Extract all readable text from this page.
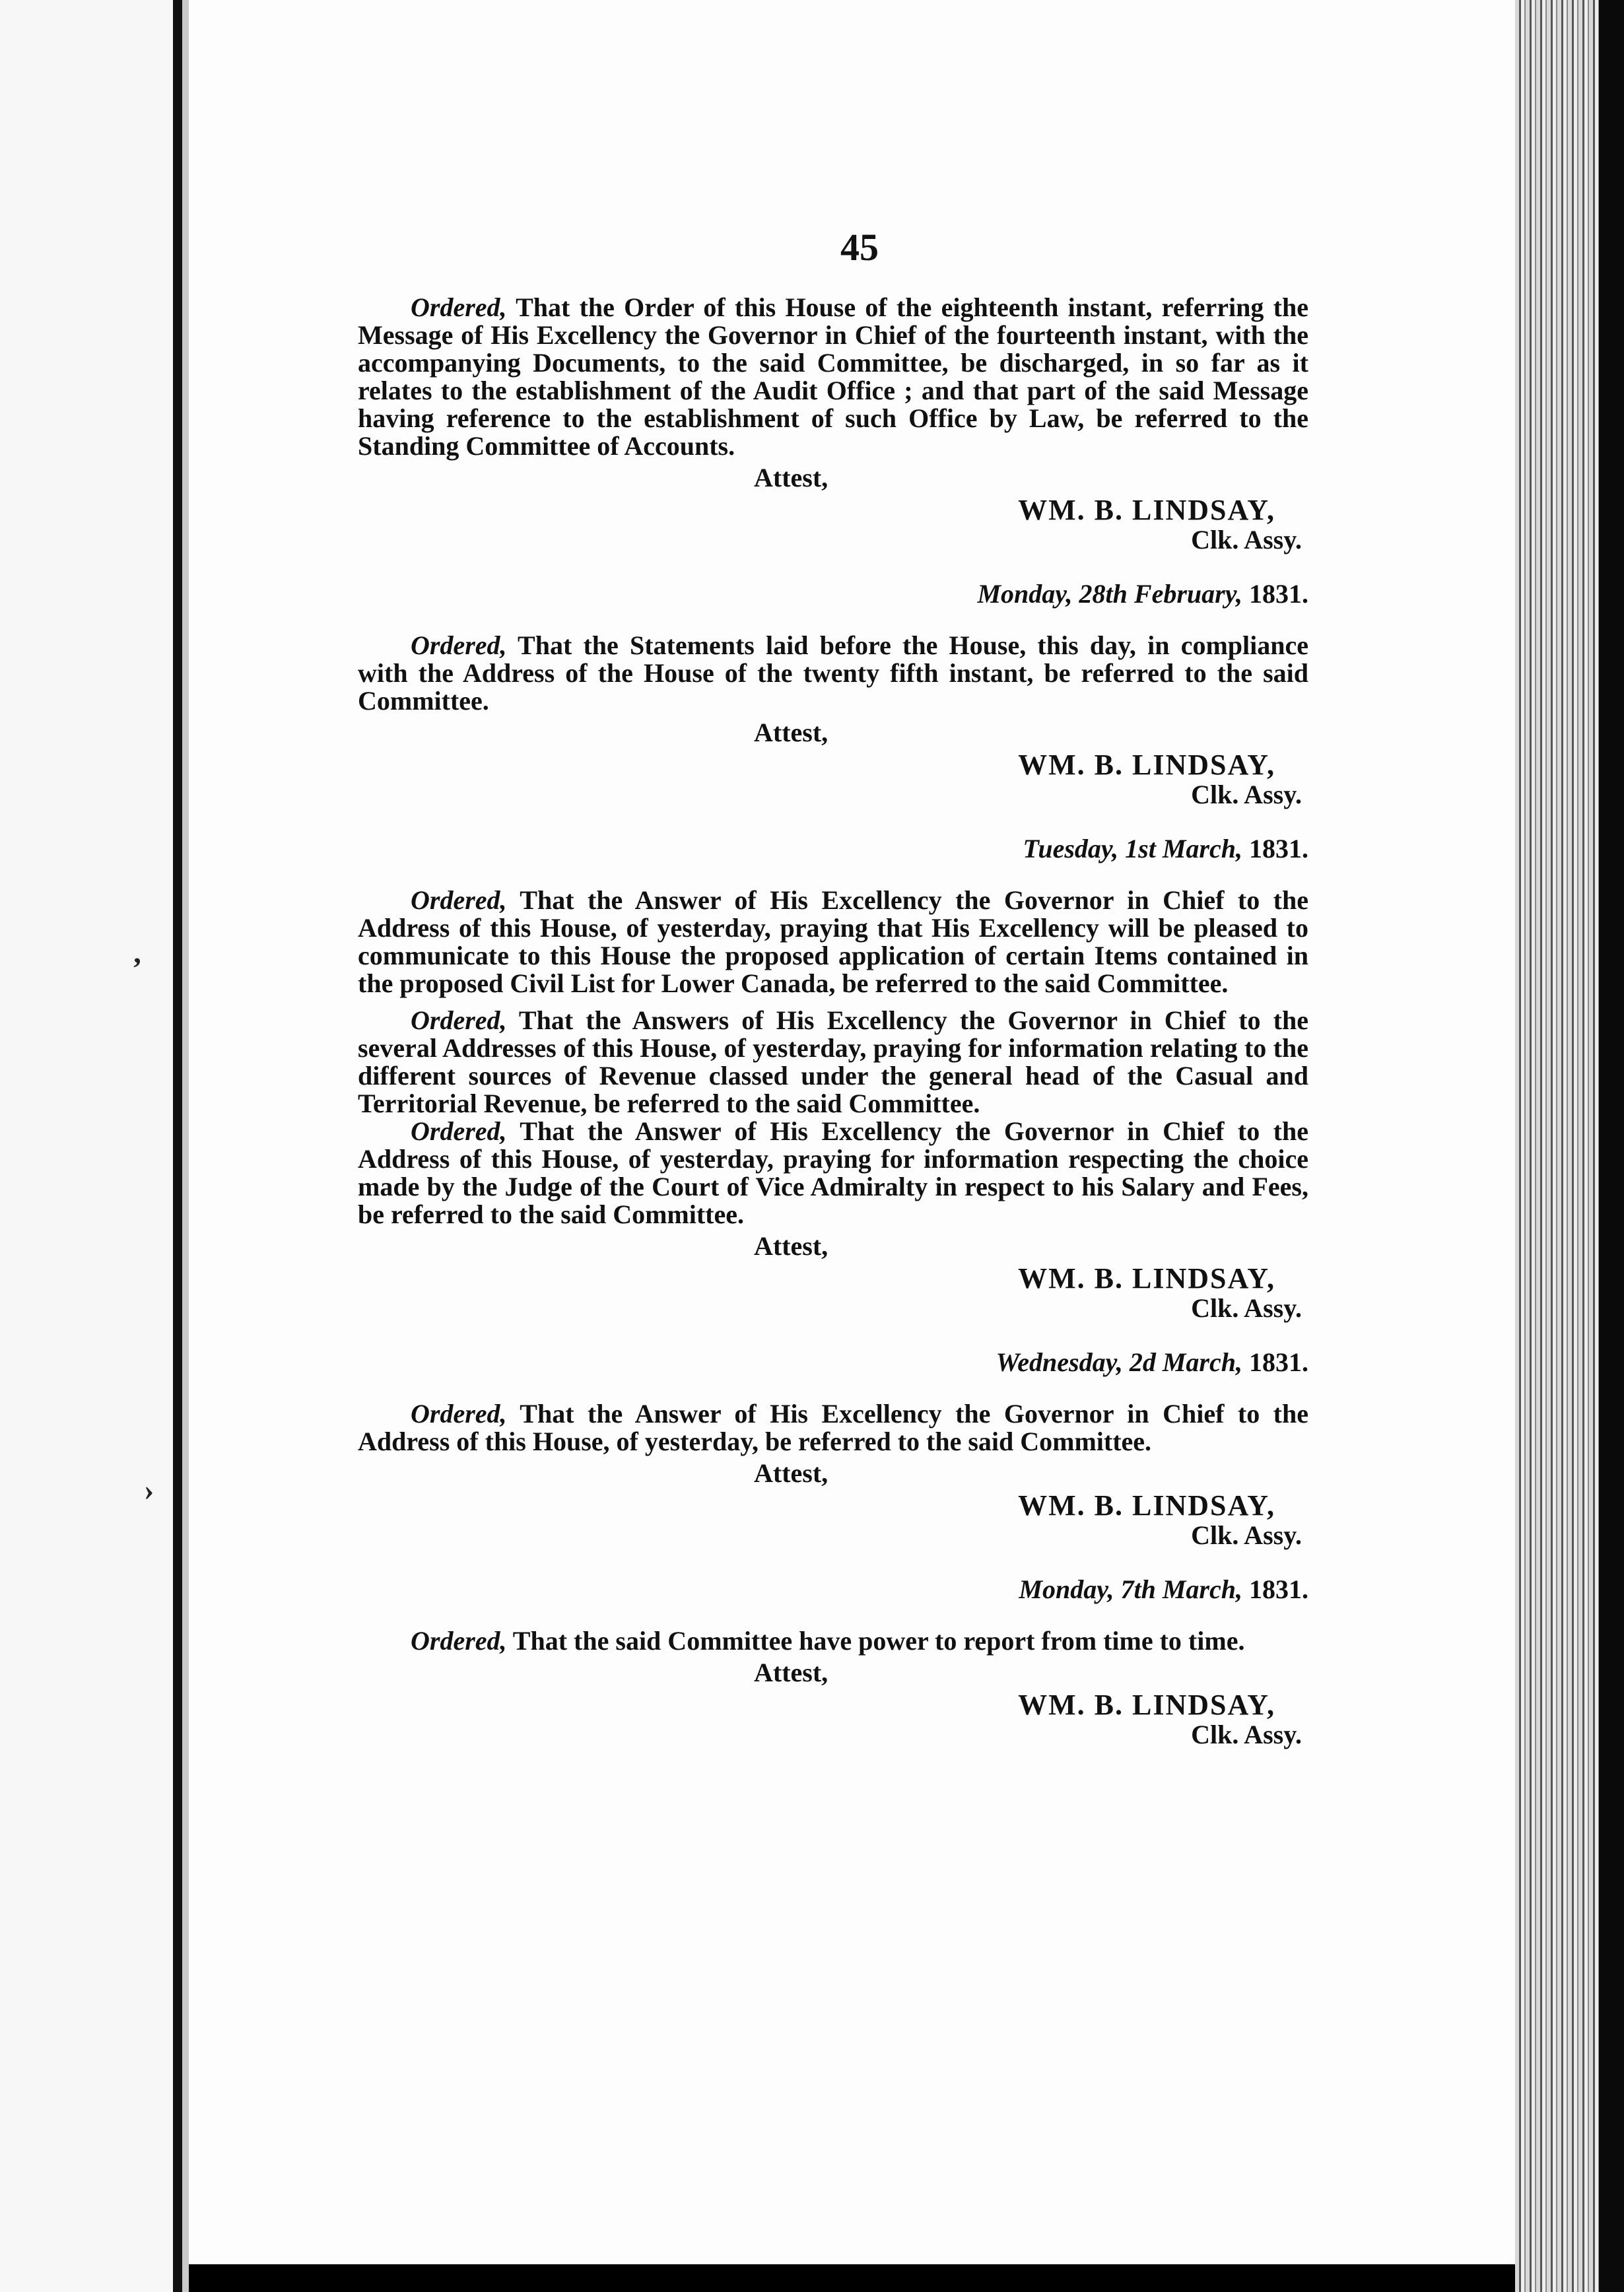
ʼ
›

45

Ordered, That the Order of this House of the eighteenth instant, referring the Message of His Excellency the Governor in Chief of the fourteenth instant, with the accompanying Documents, to the said Committee, be discharged, in so far as it relates to the establishment of the Audit Office ; and that part of the said Message having reference to the establishment of such Office by Law, be referred to the Standing Committee of Accounts.

Attest,

WM. B. LINDSAY,

Clk. Assy.

Monday, 28th February, 1831.

Ordered, That the Statements laid before the House, this day, in compliance with the Address of the House of the twenty fifth instant, be referred to the said Committee.

Attest,

WM. B. LINDSAY,

Clk. Assy.

Tuesday, 1st March, 1831.

Ordered, That the Answer of His Excellency the Governor in Chief to the Address of this House, of yesterday, praying that His Excellency will be pleased to communicate to this House the proposed application of certain Items contained in the proposed Civil List for Lower Canada, be referred to the said Committee.

Ordered, That the Answers of His Excellency the Governor in Chief to the several Addresses of this House, of yesterday, praying for information relating to the different sources of Revenue classed under the general head of the Casual and Territorial Revenue, be referred to the said Committee.

Ordered, That the Answer of His Excellency the Governor in Chief to the Address of this House, of yesterday, praying for information respecting the choice made by the Judge of the Court of Vice Admiralty in respect to his Salary and Fees, be referred to the said Committee.

Attest,

WM. B. LINDSAY,

Clk. Assy.

Wednesday, 2d March, 1831.

Ordered, That the Answer of His Excellency the Governor in Chief to the Address of this House, of yesterday, be referred to the said Committee.

Attest,

WM. B. LINDSAY,

Clk. Assy.

Monday, 7th March, 1831.

Ordered, That the said Committee have power to report from time to time.

Attest,

WM. B. LINDSAY,

Clk. Assy.
